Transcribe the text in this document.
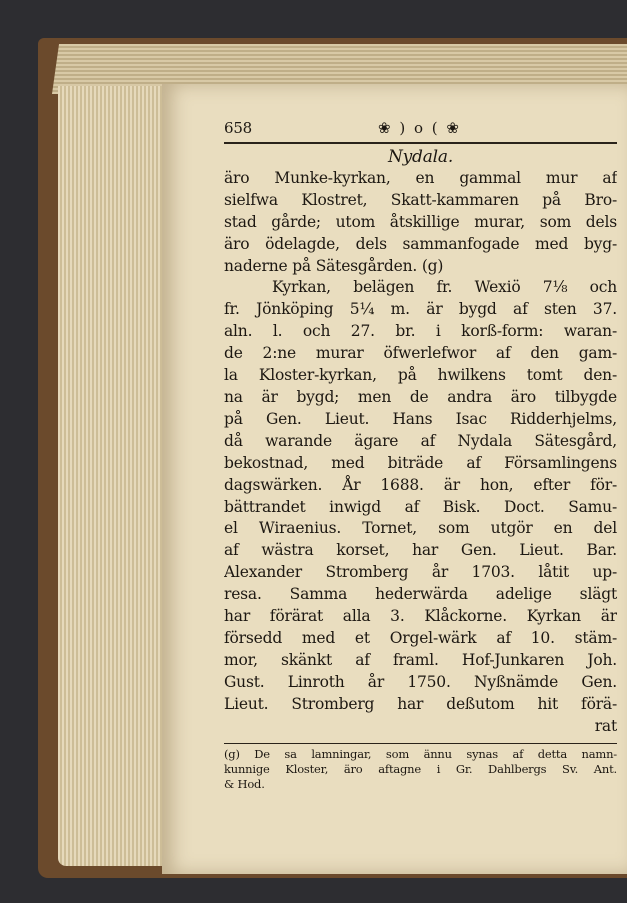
658	❀ ) o ( ❀
Nydala.
äro Munke-kyrkan, en gammal mur af
sielfwa Klostret, Skatt-kammaren på Bro-
stad gårde; utom åtskillige murar, som dels
äro ödelagde, dels sammanfogade med byg-
naderne på Sätesgården. (g)
Kyrkan, belägen fr. Wexiö 7⅛ och
fr. Jönköping 5¼ m. är bygd af sten 37.
aln. l. och 27. br. i korß-form: waran-
de 2:ne murar öfwerlefwor af den gam-
la Kloster-kyrkan, på hwilkens tomt den-
na är bygd; men de andra äro tilbygde
på Gen. Lieut. Hans Isac Ridderhjelms,
då warande ägare af Nydala Sätesgård,
bekostnad, med biträde af Församlingens
dagswärken. År 1688. är hon, efter för-
bättrandet inwigd af Bisk. Doct. Samu-
el Wiraenius. Tornet, som utgör en del
af wästra korset, har Gen. Lieut. Bar.
Alexander Stromberg år 1703. låtit up-
resa. Samma hederwärda adelige slägt
har förärat alla 3. Klåckorne. Kyrkan är
försedd med et Orgel-wärk af 10. stäm-
mor, skänkt af framl. Hof-Junkaren Joh.
Gust. Linroth år 1750. Nyßnämde Gen.
Lieut. Stromberg har deßutom hit förä-
rat
(g) De sa lamningar, som ännu synas af detta namn-
kunnige Kloster, äro aftagne i Gr. Dahlbergs Sv. Ant.
& Hod.
